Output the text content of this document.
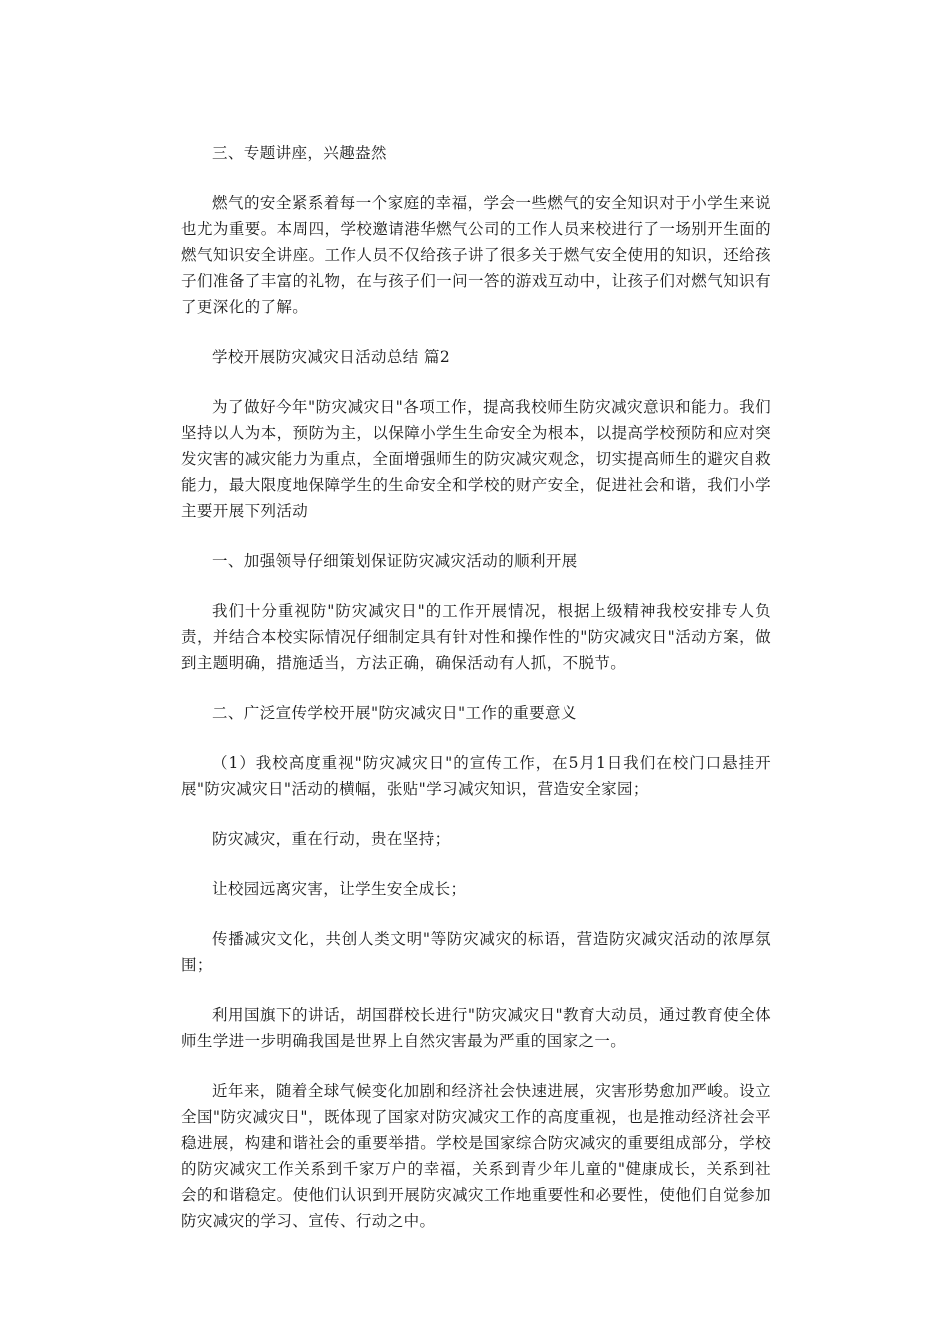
三、专题讲座，兴趣盎然

燃气的安全紧系着每一个家庭的幸福，学会一些燃气的安全知识对于小学生来说也尤为重要。本周四，学校邀请港华燃气公司的工作人员来校进行了一场别开生面的燃气知识安全讲座。工作人员不仅给孩子讲了很多关于燃气安全使用的知识，还给孩子们准备了丰富的礼物，在与孩子们一问一答的游戏互动中，让孩子们对燃气知识有了更深化的了解。

学校开展防灾减灾日活动总结 篇2

为了做好今年"防灾减灾日"各项工作，提高我校师生防灾减灾意识和能力。我们坚持以人为本，预防为主，以保障小学生生命安全为根本，以提高学校预防和应对突发灾害的减灾能力为重点，全面增强师生的防灾减灾观念，切实提高师生的避灾自救能力，最大限度地保障学生的生命安全和学校的财产安全，促进社会和谐，我们小学主要开展下列活动

一、加强领导仔细策划保证防灾减灾活动的顺利开展

我们十分重视防"防灾减灾日"的工作开展情况，根据上级精神我校安排专人负责，并结合本校实际情况仔细制定具有针对性和操作性的"防灾减灾日"活动方案，做到主题明确，措施适当，方法正确，确保活动有人抓，不脱节。

二、广泛宣传学校开展"防灾减灾日"工作的重要意义

（1）我校高度重视"防灾减灾日"的宣传工作，在5月1日我们在校门口悬挂开展"防灾减灾日"活动的横幅，张贴"学习减灾知识，营造安全家园；

防灾减灾，重在行动，贵在坚持；

让校园远离灾害，让学生安全成长；

传播减灾文化，共创人类文明"等防灾减灾的标语，营造防灾减灾活动的浓厚氛围；

利用国旗下的讲话，胡国群校长进行"防灾减灾日"教育大动员，通过教育使全体师生学进一步明确我国是世界上自然灾害最为严重的国家之一。

近年来，随着全球气候变化加剧和经济社会快速进展，灾害形势愈加严峻。设立全国"防灾减灾日"，既体现了国家对防灾减灾工作的高度重视，也是推动经济社会平稳进展，构建和谐社会的重要举措。学校是国家综合防灾减灾的重要组成部分，学校的防灾减灾工作关系到千家万户的幸福，关系到青少年儿童的"健康成长，关系到社会的和谐稳定。使他们认识到开展防灾减灾工作地重要性和必要性，使他们自觉参加防灾减灾的学习、宣传、行动之中。
